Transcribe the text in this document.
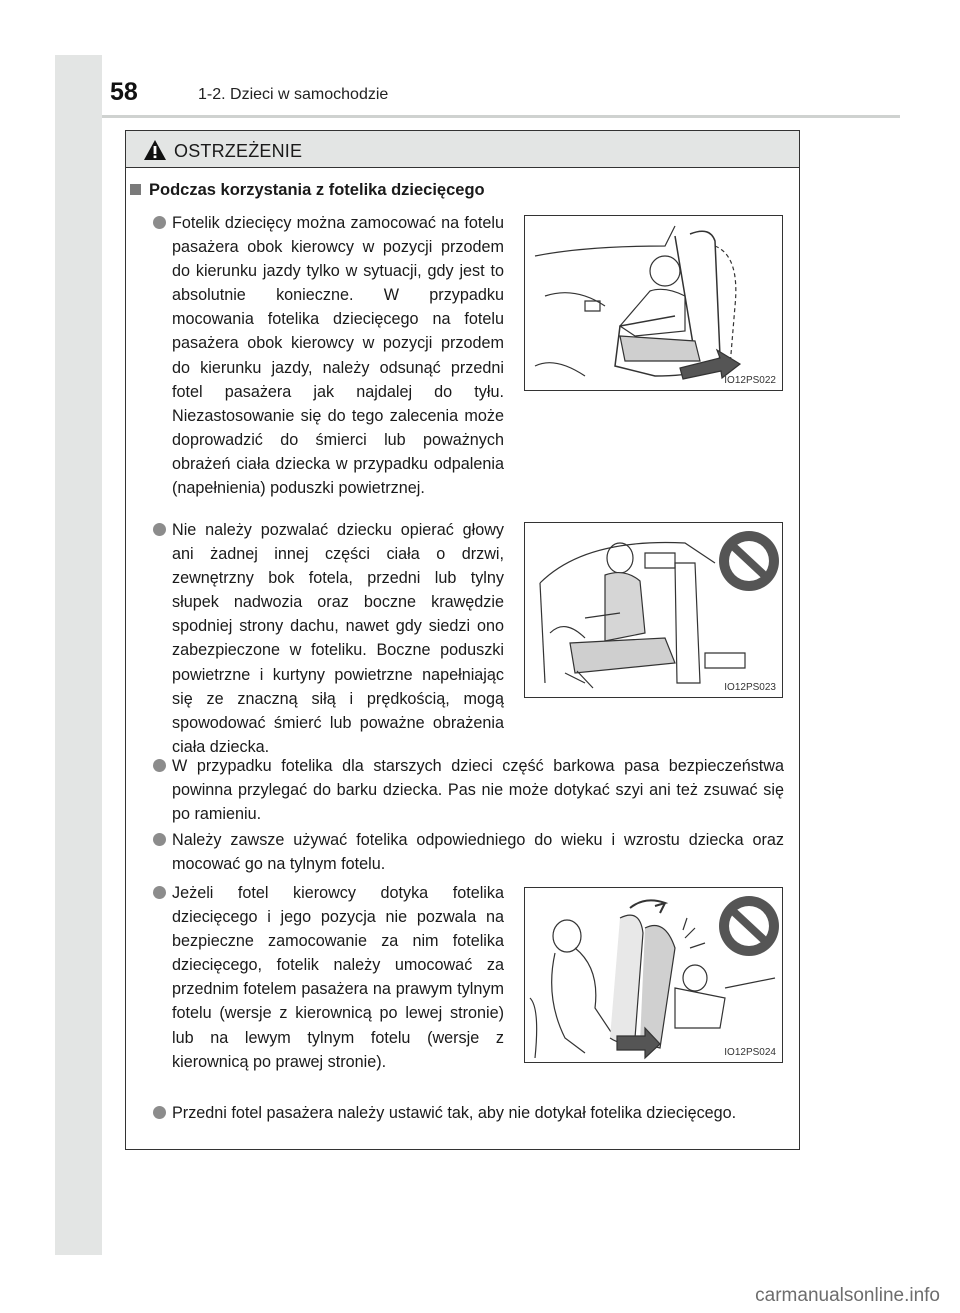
58	1-2. Dzieci w samochodzie
OSTRZEŻENIE
Podczas korzystania z fotelika dziecięcego
Fotelik dziecięcy można zamocować na fotelu pasażera obok kierowcy w pozycji przodem do kierunku jazdy tylko w sytuacji, gdy jest to absolutnie konieczne. W przypadku mocowania fotelika dziecięcego na fotelu pasażera obok kierowcy w pozycji przodem do kierunku jazdy, należy odsunąć przedni fotel pasażera jak najdalej do tyłu. Niezastosowanie się do tego zalecenia może doprowadzić do śmierci lub poważnych obrażeń ciała dziecka w przypadku odpalenia (napełnienia) poduszki powietrznej.
Nie należy pozwalać dziecku opierać głowy ani żadnej innej części ciała o drzwi, zewnętrzny bok fotela, przedni lub tylny słupek nadwozia oraz boczne krawędzie spodniej strony dachu, nawet gdy siedzi ono zabezpieczone w foteliku. Boczne poduszki powietrzne i kurtyny powietrzne napełniając się ze znaczną siłą i prędkością, mogą spowodować śmierć lub poważne obrażenia ciała dziecka.
W przypadku fotelika dla starszych dzieci część barkowa pasa bezpieczeństwa powinna przylegać do barku dziecka. Pas nie może dotykać szyi ani też zsuwać się po ramieniu.
Należy zawsze używać fotelika odpowiedniego do wieku i wzrostu dziecka oraz mocować go na tylnym fotelu.
Jeżeli fotel kierowcy dotyka fotelika dziecięcego i jego pozycja nie pozwala na bezpieczne zamocowanie za nim fotelika dziecięcego, fotelik należy umocować za przednim fotelem pasażera na prawym tylnym fotelu (wersje z kierownicą po lewej stronie) lub na lewym tylnym fotelu (wersje z kierownicą po prawej stronie).
Przedni fotel pasażera należy ustawić tak, aby nie dotykał fotelika dziecięcego.
IO12PS022
IO12PS023
IO12PS024
carmanualsonline.info
